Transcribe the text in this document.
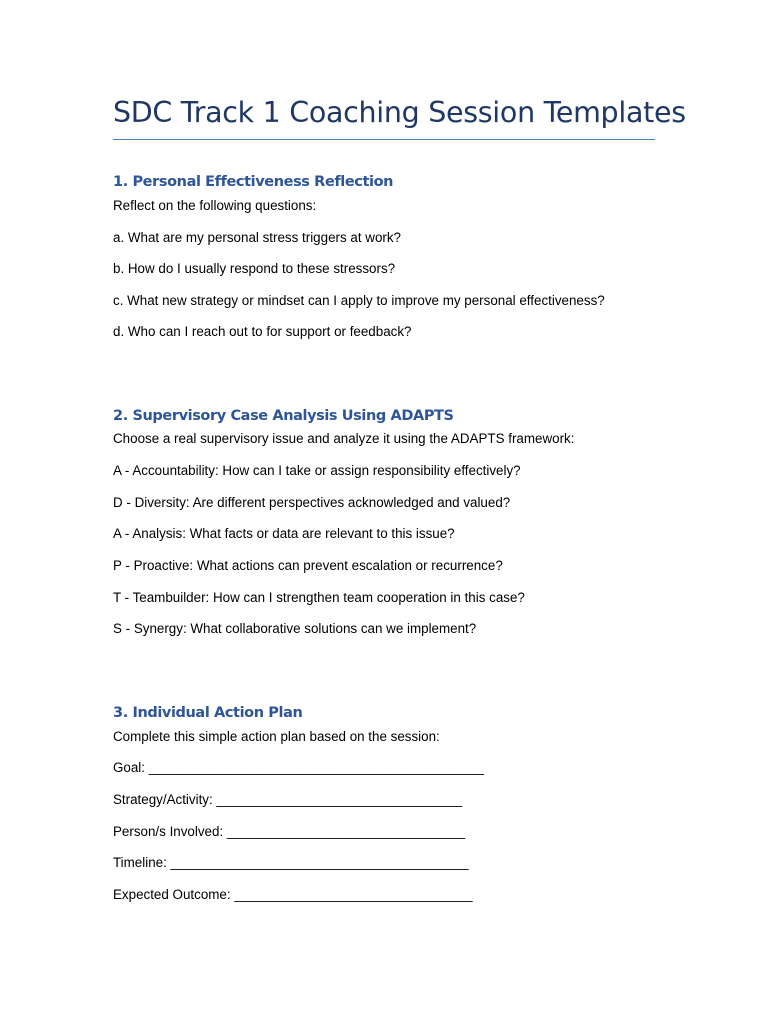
SDC Track 1 Coaching Session Templates
1. Personal Effectiveness Reflection

Reflect on the following questions:

a. What are my personal stress triggers at work?

b. How do I usually respond to these stressors?

c. What new strategy or mindset can I apply to improve my personal effectiveness?

d. Who can I reach out to for support or feedback?

2. Supervisory Case Analysis Using ADAPTS

Choose a real supervisory issue and analyze it using the ADAPTS framework:

A - Accountability: How can I take or assign responsibility effectively?

D - Diversity: Are different perspectives acknowledged and valued?

A - Analysis: What facts or data are relevant to this issue?

P - Proactive: What actions can prevent escalation or recurrence?

T - Teambuilder: How can I strengthen team cooperation in this case?

S - Synergy: What collaborative solutions can we implement?

3. Individual Action Plan

Complete this simple action plan based on the session:

Goal: _____________________________________________

Strategy/Activity: _________________________________

Person/s Involved: ________________________________

Timeline: ________________________________________

Expected Outcome: ________________________________
